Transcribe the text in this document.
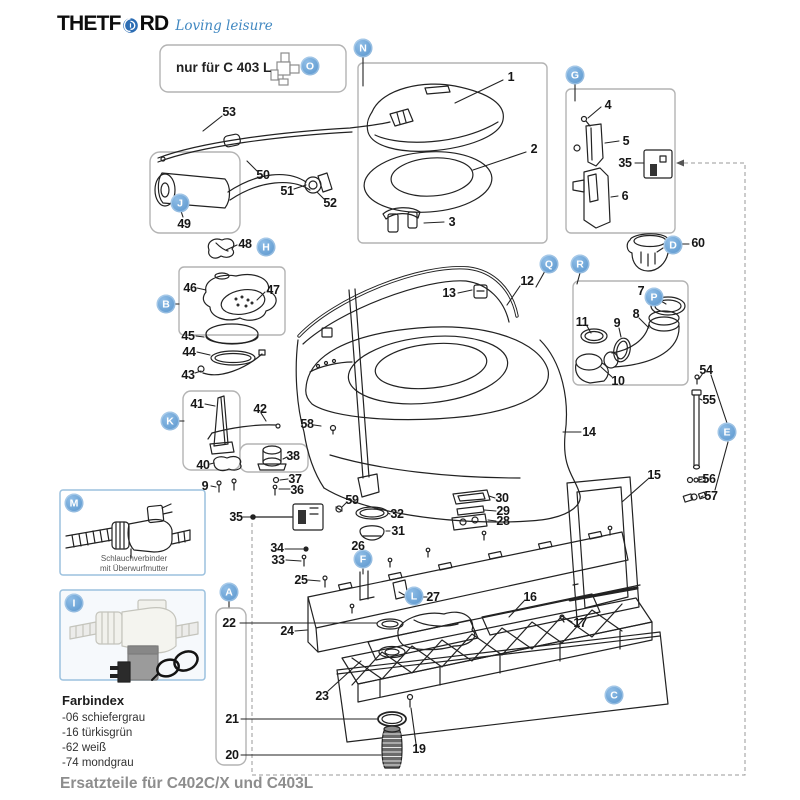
THETF RD Loving leisure
nur für C 403 L
N
O
G
J
H	D
Q	R
B
P
K
E
M
F
A	L
I
C
1
2
3
4
5
35
6
53
50
51
52
49
48	60
46	47
12
13	7
11 9
8
10
45
44
43
41	42
58
14
40
38
15
54
55
56
57
9	37
36
59
35	32
31
30
29
28
34
33
26
25
27
22
24
16
17
23
21
19
20
Schlauchverbinder
mit Überwurfmutter
Farbindex
-06 schiefergrau
-16 türkisgrün
-62 weiß
-74 mondgrau
Ersatzteile für C402C/X und C403L
